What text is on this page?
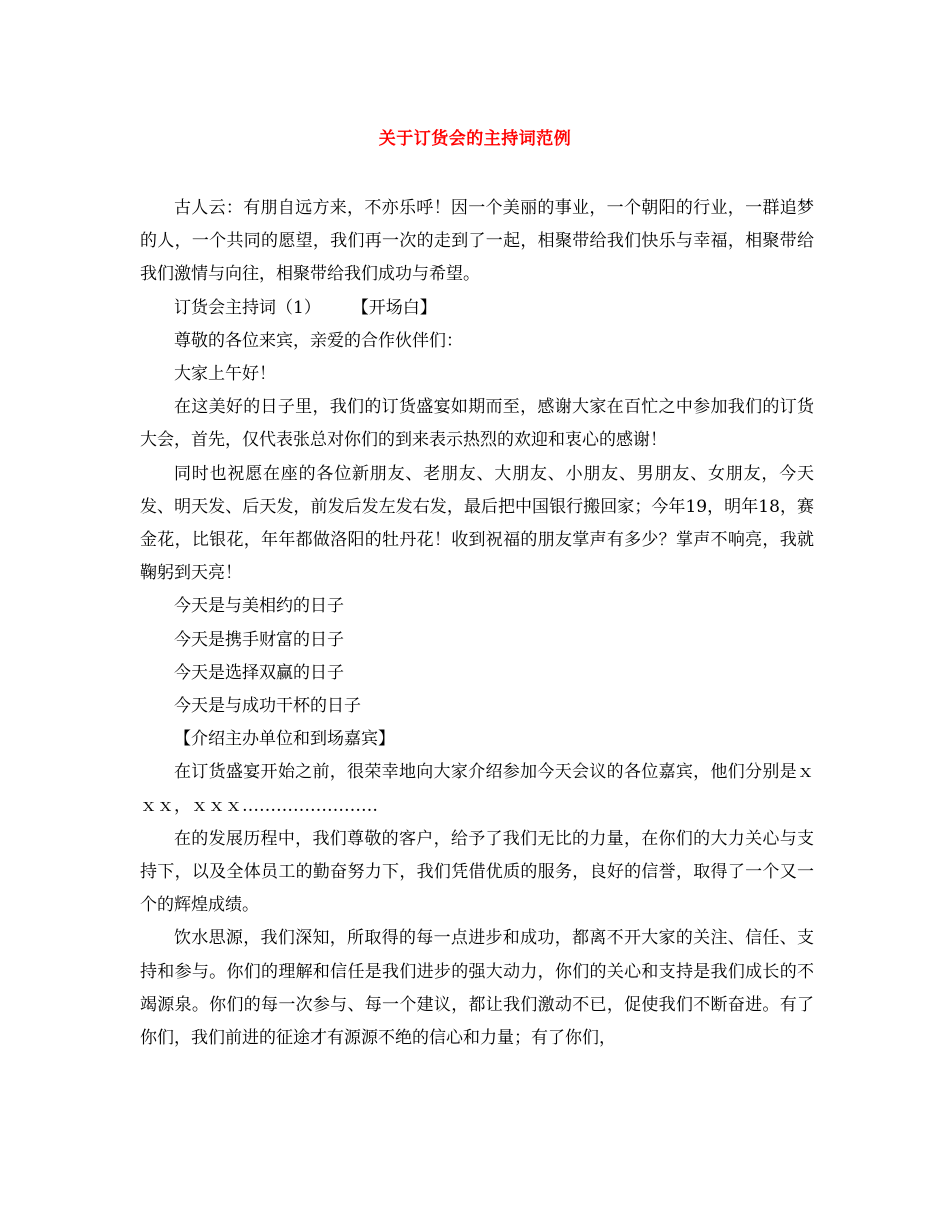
关于订货会的主持词范例

古人云：有朋自远方来，不亦乐呼！因一个美丽的事业，一个朝阳的行业，一群追梦的人，一个共同的愿望，我们再一次的走到了一起，相聚带给我们快乐与幸福，相聚带给我们激情与向往，相聚带给我们成功与希望。

订货会主持词（1） 　　【开场白】

尊敬的各位来宾，亲爱的合作伙伴们：

大家上午好！

在这美好的日子里，我们的订货盛宴如期而至，感谢大家在百忙之中参加我们的订货大会，首先，仅代表张总对你们的到来表示热烈的欢迎和衷心的感谢！

同时也祝愿在座的各位新朋友、老朋友、大朋友、小朋友、男朋友、女朋友，今天发、明天发、后天发，前发后发左发右发，最后把中国银行搬回家；今年19，明年18，赛金花，比银花，年年都做洛阳的牡丹花！收到祝福的朋友掌声有多少？掌声不响亮，我就鞠躬到天亮！

今天是与美相约的日子

今天是携手财富的日子

今天是选择双赢的日子

今天是与成功干杯的日子

【介绍主办单位和到场嘉宾】

在订货盛宴开始之前，很荣幸地向大家介绍参加今天会议的各位嘉宾，他们分别是ｘｘｘ，ｘｘｘ……………………

在的发展历程中，我们尊敬的客户，给予了我们无比的力量，在你们的大力关心与支持下，以及全体员工的勤奋努力下，我们凭借优质的服务，良好的信誉，取得了一个又一个的辉煌成绩。

饮水思源，我们深知，所取得的每一点进步和成功，都离不开大家的关注、信任、支持和参与。你们的理解和信任是我们进步的强大动力，你们的关心和支持是我们成长的不竭源泉。你们的每一次参与、每一个建议，都让我们激动不已，促使我们不断奋进。有了你们，我们前进的征途才有源源不绝的信心和力量；有了你们，
